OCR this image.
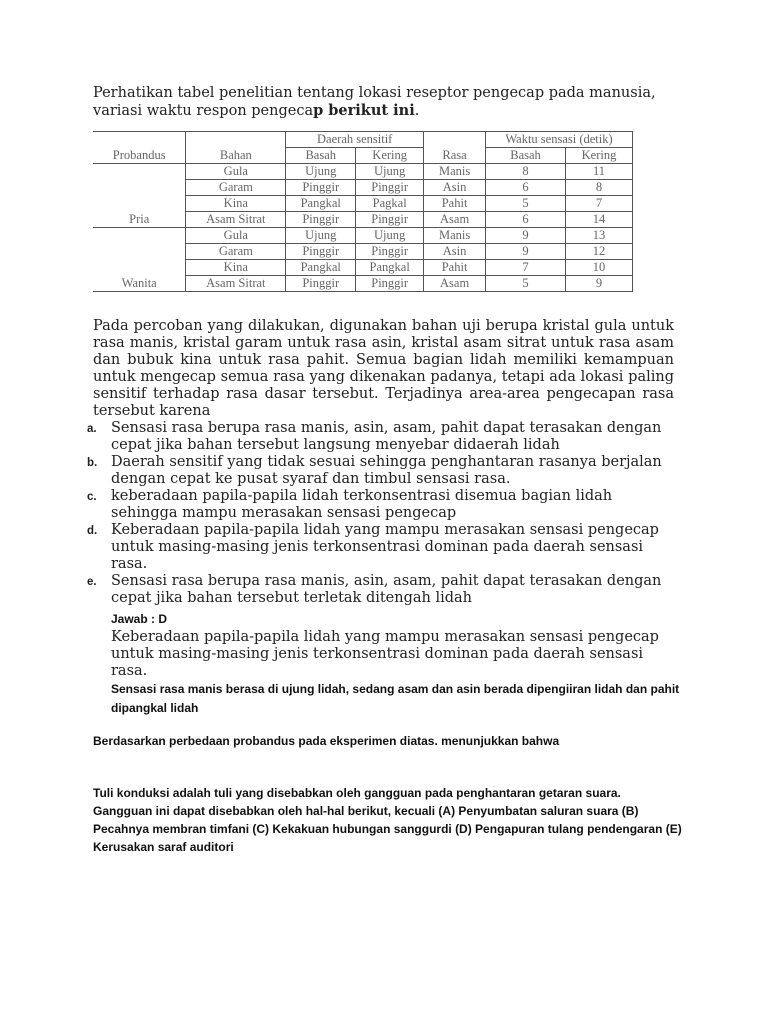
Perhatikan tabel penelitian tentang lokasi reseptor pengecap pada manusia, variasi waktu respon pengecap berikut ini.
		Daerah sensitif			Waktu sensasi (detik)	
Probandus	Bahan	Basah	Kering	Rasa	Basah	Kering
Pria	Gula	Ujung	Ujung	Manis	8	11
	Garam	Pinggir	Pinggir	Asin	6	8
	Kina	Pangkal	Pagkal	Pahit	5	7
	Asam Sitrat	Pinggir	Pinggir	Asam	6	14
Wanita	Gula	Ujung	Ujung	Manis	9	13
	Garam	Pinggir	Pinggir	Asin	9	12
	Kina	Pangkal	Pangkal	Pahit	7	10
	Asam Sitrat	Pinggir	Pinggir	Asam	5	9
Pada percoban yang dilakukan, digunakan bahan uji berupa kristal gula untuk rasa manis, kristal garam untuk rasa asin, kristal asam sitrat untuk rasa asam dan bubuk kina untuk rasa pahit. Semua bagian lidah memiliki kemampuan untuk mengecap semua rasa yang dikenakan padanya, tetapi ada lokasi paling sensitif terhadap rasa dasar tersebut. Terjadinya area-area pengecapan rasa tersebut karena
a. Sensasi rasa berupa rasa manis, asin, asam, pahit dapat terasakan dengan cepat jika bahan tersebut langsung menyebar didaerah lidah
b. Daerah sensitif yang tidak sesuai sehingga penghantaran rasanya berjalan dengan cepat ke pusat syaraf dan timbul sensasi rasa.
c. keberadaan papila-papila lidah terkonsentrasi disemua bagian lidah sehingga mampu merasakan sensasi pengecap
d. Keberadaan papila-papila lidah yang mampu merasakan sensasi pengecap untuk masing-masing jenis terkonsentrasi dominan pada daerah sensasi rasa.
e. Sensasi rasa berupa rasa manis, asin, asam, pahit dapat terasakan dengan cepat jika bahan tersebut terletak ditengah lidah
Jawab : D
Keberadaan papila-papila lidah yang mampu merasakan sensasi pengecap untuk masing-masing jenis terkonsentrasi dominan pada daerah sensasi rasa.
Sensasi rasa manis berasa di ujung lidah, sedang asam dan asin berada dipengiiran lidah dan pahit dipangkal lidah
Berdasarkan perbedaan probandus pada eksperimen diatas. menunjukkan bahwa
Tuli konduksi adalah tuli yang disebabkan oleh gangguan pada penghantaran getaran suara. Gangguan ini dapat disebabkan oleh hal-hal berikut, kecuali (A) Penyumbatan saluran suara (B) Pecahnya membran timfani (C) Kekakuan hubungan sanggurdi (D) Pengapuran tulang pendengaran (E) Kerusakan saraf auditori
